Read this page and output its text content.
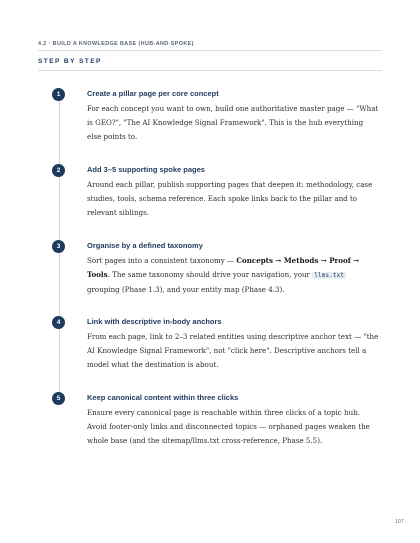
4.2 · BUILD A KNOWLEDGE BASE (HUB-AND-SPOKE)
STEP BY STEP
1	Create a pillar page per core concept
For each concept you want to own, build one authoritative master page — "What is GEO?", "The AI Knowledge Signal Framework". This is the hub everything else points to.
2	Add 3–5 supporting spoke pages
Around each pillar, publish supporting pages that deepen it: methodology, case studies, tools, schema reference. Each spoke links back to the pillar and to relevant siblings.
3	Organise by a defined taxonomy
Sort pages into a consistent taxonomy — Concepts → Methods → Proof → Tools. The same taxonomy should drive your navigation, your llms.txt grouping (Phase 1.3), and your entity map (Phase 4.3).
4	Link with descriptive in-body anchors
From each page, link to 2–3 related entities using descriptive anchor text — "the AI Knowledge Signal Framework", not "click here". Descriptive anchors tell a model what the destination is about.
5	Keep canonical content within three clicks
Ensure every canonical page is reachable within three clicks of a topic hub. Avoid footer-only links and disconnected topics — orphaned pages weaken the whole base (and the sitemap/llms.txt cross-reference, Phase 5.5).
107
